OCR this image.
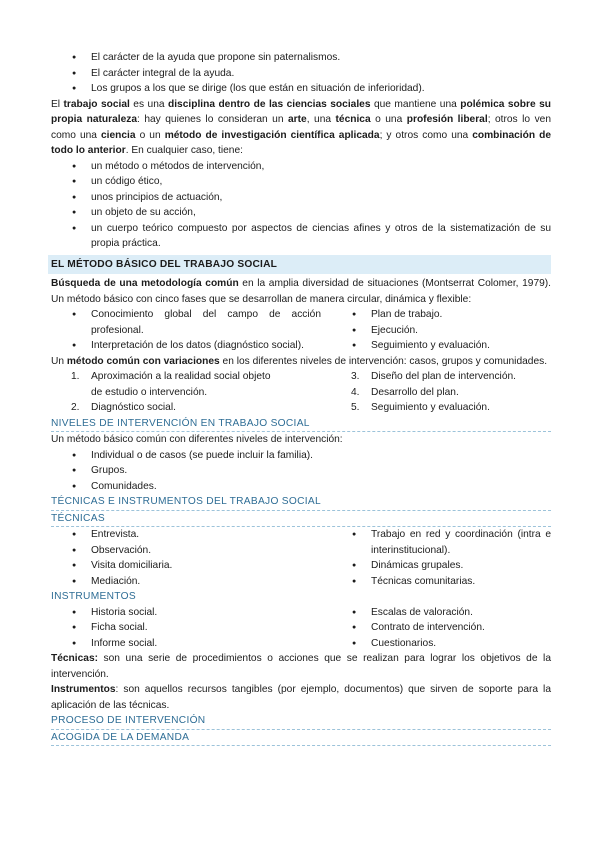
● El carácter de la ayuda que propone sin paternalismos.
● El carácter integral de la ayuda.
● Los grupos a los que se dirige (los que están en situación de inferioridad).

El trabajo social es una disciplina dentro de las ciencias sociales que mantiene una polémica sobre su propia naturaleza: hay quienes lo consideran un arte, una técnica o una profesión liberal; otros lo ven como una ciencia o un método de investigación científica aplicada; y otros como una combinación de todo lo anterior. En cualquier caso, tiene:

● un método o métodos de intervención,
● un código ético,
● unos principios de actuación,
● un objeto de su acción,
● un cuerpo teórico compuesto por aspectos de ciencias afines y otros de la sistematización de su propia práctica.
EL MÉTODO BÁSICO DEL TRABAJO SOCIAL

Búsqueda de una metodología común en la amplia diversidad de situaciones (Montserrat Colomer, 1979). Un método básico con cinco fases que se desarrollan de manera circular, dinámica y flexible:

● Conocimiento global del campo de acción profesional.
● Interpretación de los datos (diagnóstico social).
● Plan de trabajo.
● Ejecución.
● Seguimiento y evaluación.

Un método común con variaciones en los diferentes niveles de intervención: casos, grupos y comunidades.

1. Aproximación a la realidad social objeto de estudio o intervención.
2. Diagnóstico social.
3. Diseño del plan de intervención.
4. Desarrollo del plan.
5. Seguimiento y evaluación.
NIVELES DE INTERVENCIÓN EN TRABAJO SOCIAL

Un método básico común con diferentes niveles de intervención:

● Individual o de casos (se puede incluir la familia).
● Grupos.
● Comunidades.
TÉCNICAS E INSTRUMENTOS DEL TRABAJO SOCIAL
TÉCNICAS
● Entrevista.
● Observación.
● Visita domiciliaria.
● Mediación.
● Trabajo en red y coordinación (intra e interinstitucional).
● Dinámicas grupales.
● Técnicas comunitarias.
INSTRUMENTOS
● Historia social.
● Ficha social.
● Informe social.
● Escalas de valoración.
● Contrato de intervención.
● Cuestionarios.

Técnicas: son una serie de procedimientos o acciones que se realizan para lograr los objetivos de la intervención.

Instrumentos: son aquellos recursos tangibles (por ejemplo, documentos) que sirven de soporte para la aplicación de las técnicas.

PROCESO DE INTERVENCIÓN
ACOGIDA DE LA DEMANDA
